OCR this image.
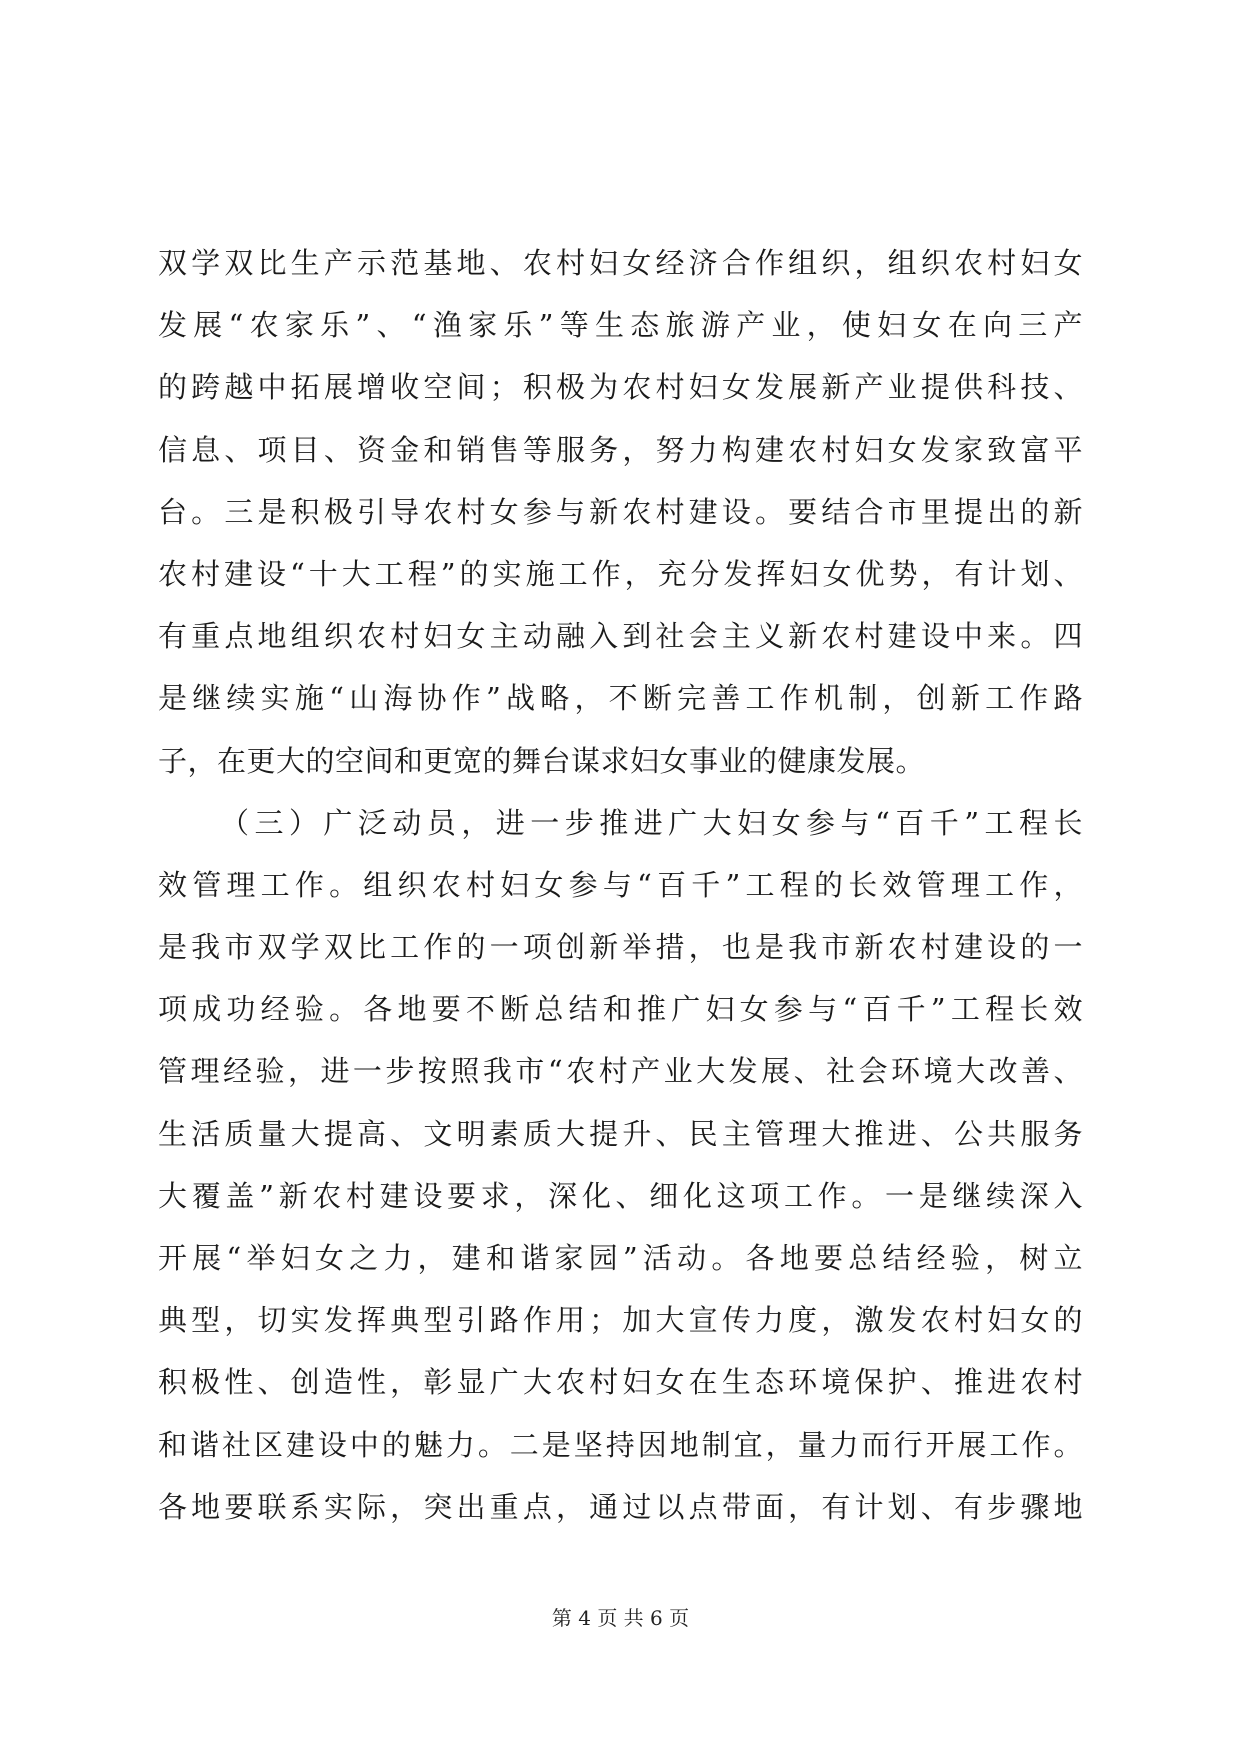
双学双比生产示范基地、农村妇女经济合作组织，组织农村妇女
发展“农家乐”、“渔家乐”等生态旅游产业，使妇女在向三产
的跨越中拓展增收空间；积极为农村妇女发展新产业提供科技、
信息、项目、资金和销售等服务，努力构建农村妇女发家致富平
台。三是积极引导农村女参与新农村建设。要结合市里提出的新
农村建设“十大工程”的实施工作，充分发挥妇女优势，有计划、
有重点地组织农村妇女主动融入到社会主义新农村建设中来。四
是继续实施“山海协作”战略，不断完善工作机制，创新工作路
子，在更大的空间和更宽的舞台谋求妇女事业的健康发展。
（三）广泛动员，进一步推进广大妇女参与“百千”工程长
效管理工作。组织农村妇女参与“百千”工程的长效管理工作，
是我市双学双比工作的一项创新举措，也是我市新农村建设的一
项成功经验。各地要不断总结和推广妇女参与“百千”工程长效
管理经验，进一步按照我市“农村产业大发展、社会环境大改善、
生活质量大提高、文明素质大提升、民主管理大推进、公共服务
大覆盖”新农村建设要求，深化、细化这项工作。一是继续深入
开展“举妇女之力，建和谐家园”活动。各地要总结经验，树立
典型，切实发挥典型引路作用；加大宣传力度，激发农村妇女的
积极性、创造性，彰显广大农村妇女在生态环境保护、推进农村
和谐社区建设中的魅力。二是坚持因地制宜，量力而行开展工作。
各地要联系实际，突出重点，通过以点带面，有计划、有步骤地
第 4 页 共 6 页
